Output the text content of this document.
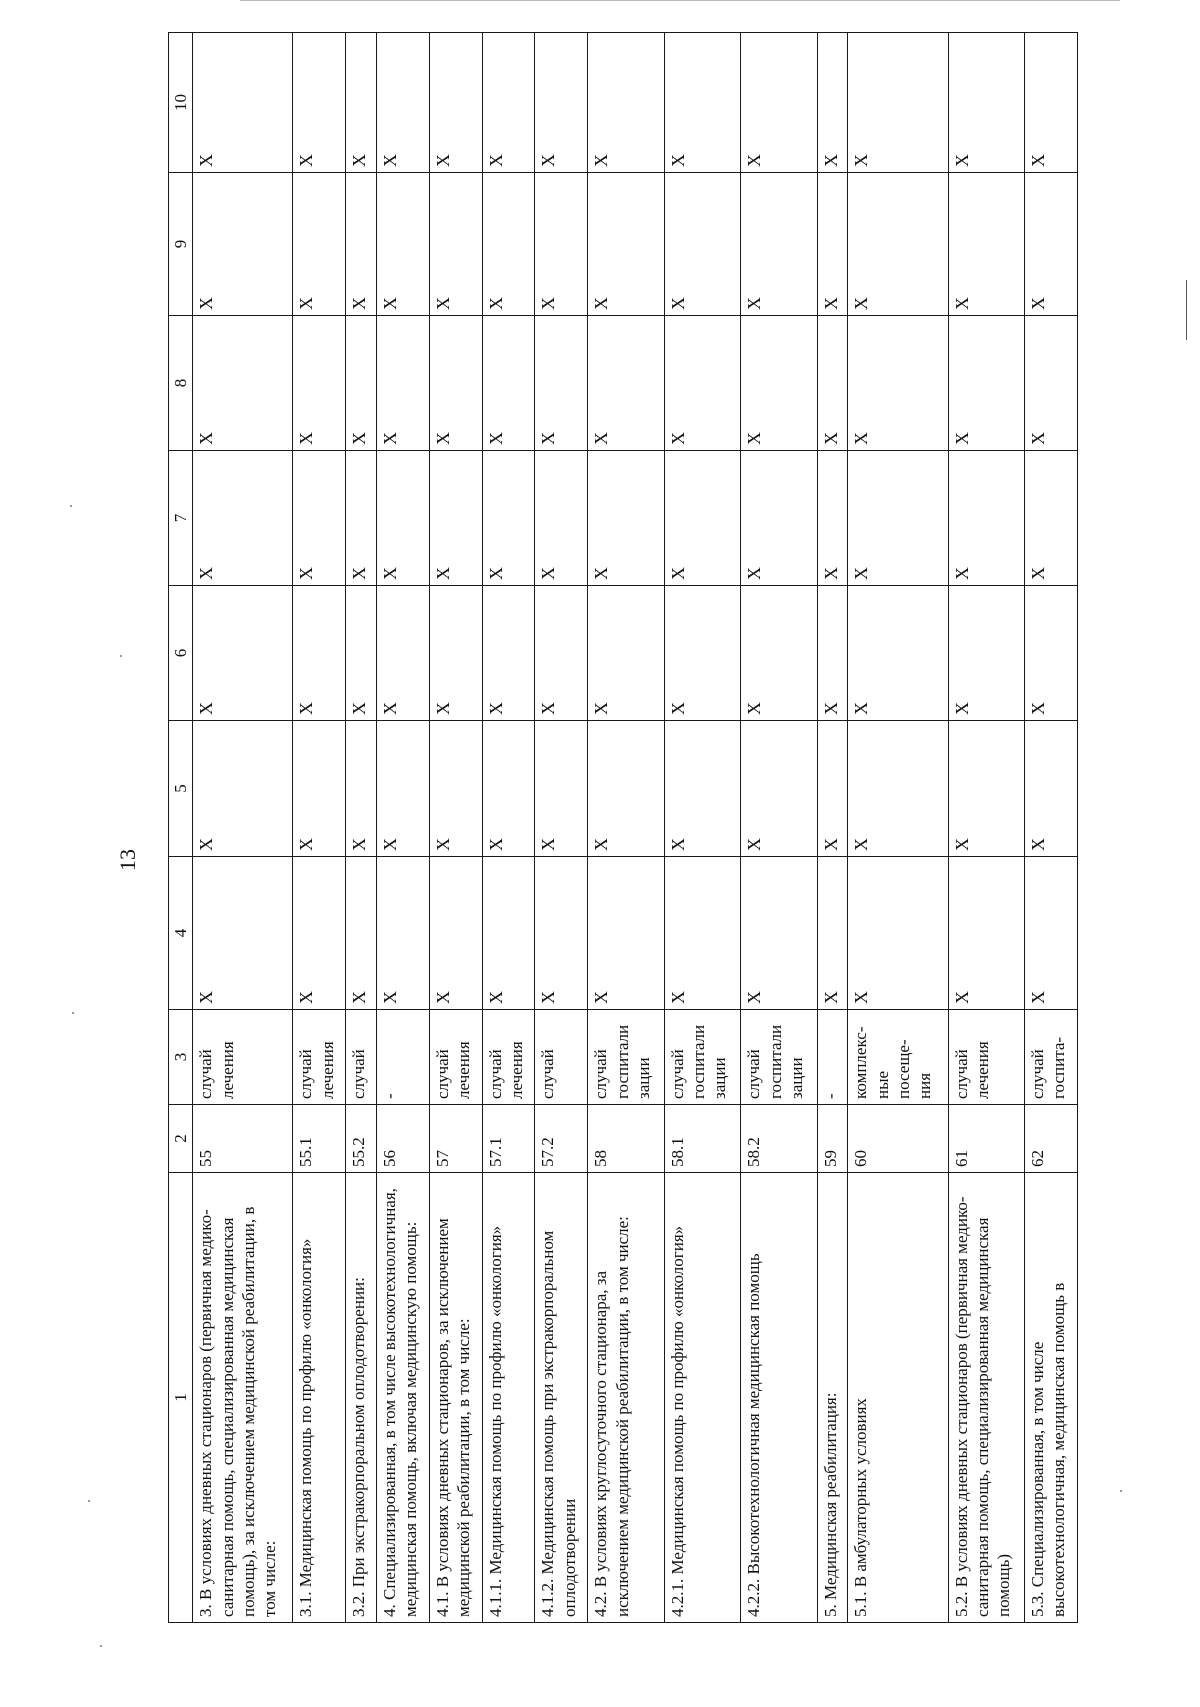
13
1	2	3	4	5	6	7	8	9	10
3. В условиях дневных стационаров (первичная медико-санитарная помощь, специализированная медицинская помощь), за исключением медицинской реабилитации, в том числе:	55	случай лечения	X	X	X	X	X	X	X
3.1. Медицинская помощь по профилю «онкология»	55.1	случай лечения	X	X	X	X	X	X	X
3.2. При экстракорпоральном оплодотворении:	55.2	случай	X	X	X	X	X	X	X
4. Специализированная, в том числе высокотехнологичная, медицинская помощь, включая медицинскую помощь:	56	-	X	X	X	X	X	X	X
4.1. В условиях дневных стационаров, за исключением медицинской реабилитации, в том числе:	57	случай лечения	X	X	X	X	X	X	X
4.1.1. Медицинская помощь по профилю «онкология»	57.1	случай лечения	X	X	X	X	X	X	X
4.1.2. Медицинская помощь при экстракорпоральном оплодотворении	57.2	случай	X	X	X	X	X	X	X
4.2. В условиях круглосуточного стационара, за исключением медицинской реабилитации, в том числе:	58	случай госпитали зации	X	X	X	X	X	X	X
4.2.1. Медицинская помощь по профилю «онкология»	58.1	случай госпитали зации	X	X	X	X	X	X	X
4.2.2. Высокотехнологичная медицинская помощь	58.2	случай госпитали зации	X	X	X	X	X	X	X
5. Медицинская реабилитация:	59	-	X	X	X	X	X	X	X
5.1. В амбулаторных условиях	60	комплекс-ные посеще-ния	X	X	X	X	X	X	X
5.2. В условиях дневных стационаров (первичная медико-санитарная помощь, специализированная медицинская помощь)	61	случай лечения	X	X	X	X	X	X	X
5.3. Специализированная, в том числе высокотехнологичная, медицинская помощь в	62	случай госпита-	X	X	X	X	X	X	X
